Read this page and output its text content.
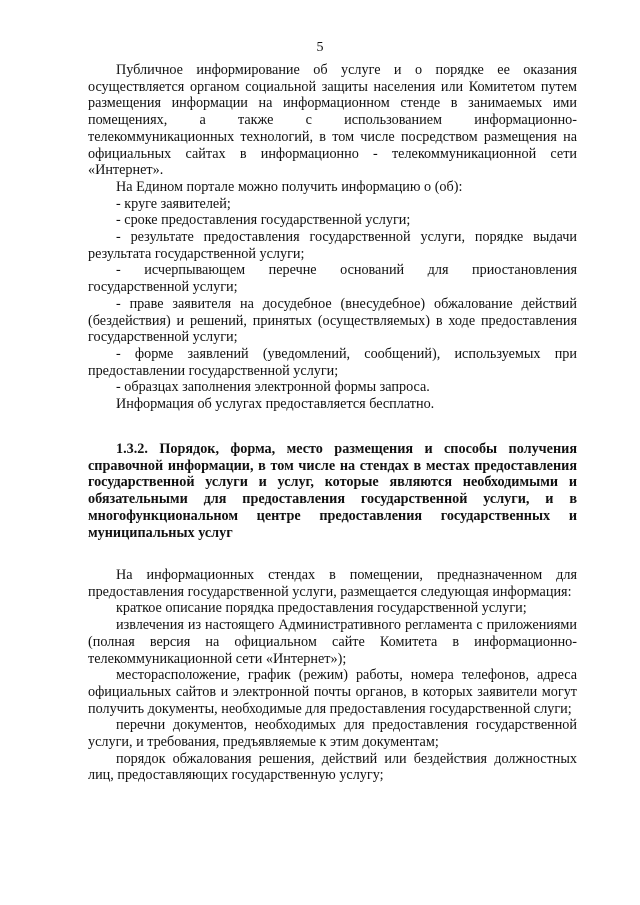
5

Публичное информирование об услуге и о порядке ее оказания осуществляется органом социальной защиты населения или Комитетом путем размещения информации на информационном стенде в занимаемых ими помещениях, а также с использованием информационно-телекоммуникационных технологий, в том числе посредством размещения на официальных сайтах в информационно - телекоммуникационной сети «Интернет».

На Едином портале можно получить информацию о (об):

- круге заявителей;

- сроке предоставления государственной услуги;

- результате предоставления государственной услуги, порядке выдачи результата государственной услуги;

- исчерпывающем перечне оснований для приостановления государственной услуги;

- праве заявителя на досудебное (внесудебное) обжалование действий (бездействия) и решений, принятых (осуществляемых) в ходе предоставления государственной услуги;

- форме заявлений (уведомлений, сообщений), используемых при предоставлении государственной услуги;

- образцах заполнения электронной формы запроса.

Информация об услугах предоставляется бесплатно.

1.3.2. Порядок, форма, место размещения и способы получения справочной информации, в том числе на стендах в местах предоставления государственной услуги и услуг, которые являются необходимыми и обязательными для предоставления государственной услуги, и в многофункциональном центре предоставления государственных и муниципальных услуг

На информационных стендах в помещении, предназначенном для предоставления государственной услуги, размещается следующая информация:

краткое описание порядка предоставления государственной услуги;

извлечения из настоящего Административного регламента с приложениями (полная версия на официальном сайте Комитета в информационно-телекоммуникационной сети «Интернет»);

месторасположение, график (режим) работы, номера телефонов, адреса официальных сайтов и электронной почты органов, в которых заявители могут получить документы, необходимые для предоставления государственной слуги;

перечни документов, необходимых для предоставления государственной услуги, и требования, предъявляемые к этим документам;

порядок обжалования решения, действий или бездействия должностных лиц, предоставляющих государственную услугу;
